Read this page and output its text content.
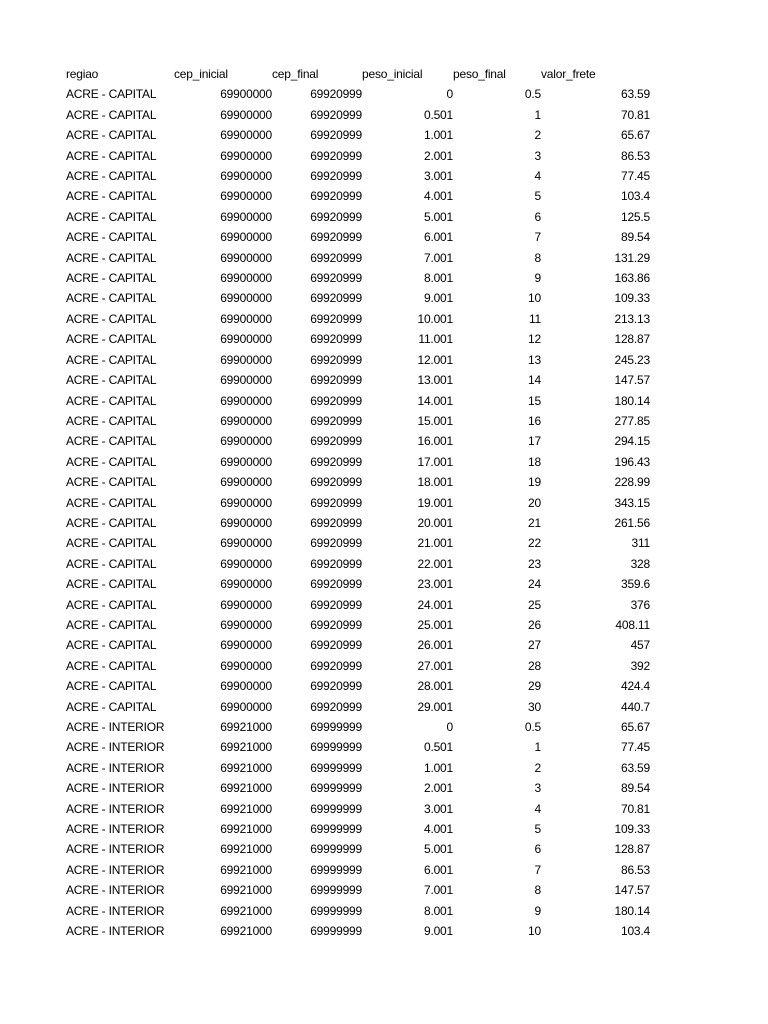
regiao	cep_inicial	cep_final	peso_inicial	peso_final	valor_frete
ACRE - CAPITAL	69900000	69920999	0	0.5	63.59
ACRE - CAPITAL	69900000	69920999	0.501	1	70.81
ACRE - CAPITAL	69900000	69920999	1.001	2	65.67
ACRE - CAPITAL	69900000	69920999	2.001	3	86.53
ACRE - CAPITAL	69900000	69920999	3.001	4	77.45
ACRE - CAPITAL	69900000	69920999	4.001	5	103.4
ACRE - CAPITAL	69900000	69920999	5.001	6	125.5
ACRE - CAPITAL	69900000	69920999	6.001	7	89.54
ACRE - CAPITAL	69900000	69920999	7.001	8	131.29
ACRE - CAPITAL	69900000	69920999	8.001	9	163.86
ACRE - CAPITAL	69900000	69920999	9.001	10	109.33
ACRE - CAPITAL	69900000	69920999	10.001	11	213.13
ACRE - CAPITAL	69900000	69920999	11.001	12	128.87
ACRE - CAPITAL	69900000	69920999	12.001	13	245.23
ACRE - CAPITAL	69900000	69920999	13.001	14	147.57
ACRE - CAPITAL	69900000	69920999	14.001	15	180.14
ACRE - CAPITAL	69900000	69920999	15.001	16	277.85
ACRE - CAPITAL	69900000	69920999	16.001	17	294.15
ACRE - CAPITAL	69900000	69920999	17.001	18	196.43
ACRE - CAPITAL	69900000	69920999	18.001	19	228.99
ACRE - CAPITAL	69900000	69920999	19.001	20	343.15
ACRE - CAPITAL	69900000	69920999	20.001	21	261.56
ACRE - CAPITAL	69900000	69920999	21.001	22	311
ACRE - CAPITAL	69900000	69920999	22.001	23	328
ACRE - CAPITAL	69900000	69920999	23.001	24	359.6
ACRE - CAPITAL	69900000	69920999	24.001	25	376
ACRE - CAPITAL	69900000	69920999	25.001	26	408.11
ACRE - CAPITAL	69900000	69920999	26.001	27	457
ACRE - CAPITAL	69900000	69920999	27.001	28	392
ACRE - CAPITAL	69900000	69920999	28.001	29	424.4
ACRE - CAPITAL	69900000	69920999	29.001	30	440.7
ACRE - INTERIOR	69921000	69999999	0	0.5	65.67
ACRE - INTERIOR	69921000	69999999	0.501	1	77.45
ACRE - INTERIOR	69921000	69999999	1.001	2	63.59
ACRE - INTERIOR	69921000	69999999	2.001	3	89.54
ACRE - INTERIOR	69921000	69999999	3.001	4	70.81
ACRE - INTERIOR	69921000	69999999	4.001	5	109.33
ACRE - INTERIOR	69921000	69999999	5.001	6	128.87
ACRE - INTERIOR	69921000	69999999	6.001	7	86.53
ACRE - INTERIOR	69921000	69999999	7.001	8	147.57
ACRE - INTERIOR	69921000	69999999	8.001	9	180.14
ACRE - INTERIOR	69921000	69999999	9.001	10	103.4
